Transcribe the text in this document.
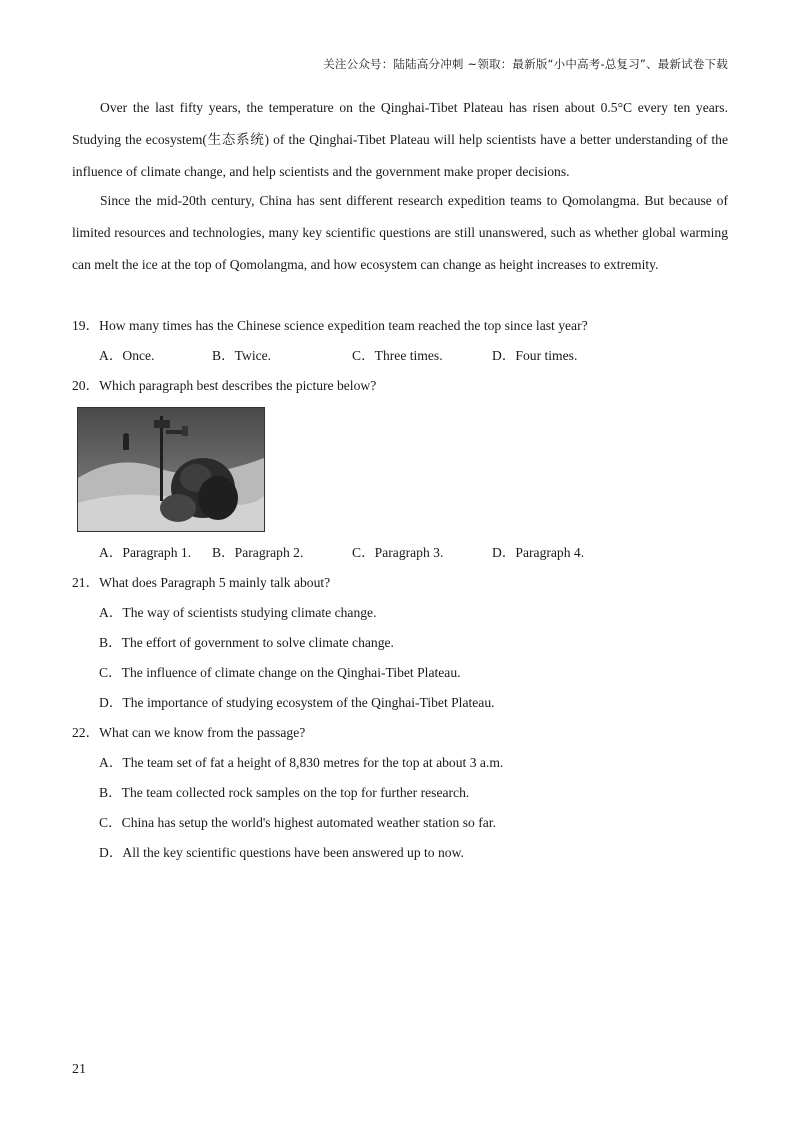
关注公众号：陆陆高分冲刺 ~领取：最新版“小中高考-总复习”、最新试卷下载

Over the last fifty years, the temperature on the Qinghai-Tibet Plateau has risen about 0.5°C every ten years. Studying the ecosystem(生态系统) of the Qinghai-Tibet Plateau will help scientists have a better understanding of the influence of climate change, and help scientists and the government make proper decisions.

Since the mid-20th century, China has sent different research expedition teams to Qomolangma. But because of limited resources and technologies, many key scientific questions are still unanswered, such as whether global warming can melt the ice at the top of Qomolangma, and how ecosystem can change as height increases to extremity.

19．How many times has the Chinese science expedition team reached the top since last year?
A．Once.	B．Twice.	C．Three times.	D．Four times.
20．Which paragraph best describes the picture below?
A．Paragraph 1. B．Paragraph 2.	C．Paragraph 3.	D．Paragraph 4.
21．What does Paragraph 5 mainly talk about?
A．The way of scientists studying climate change.
B．The effort of government to solve climate change.
C．The influence of climate change on the Qinghai-Tibet Plateau.
D．The importance of studying ecosystem of the Qinghai-Tibet Plateau.
22．What can we know from the passage?
A．The team set of fat a height of 8,830 metres for the top at about 3 a.m.
B．The team collected rock samples on the top for further research.
C．China has setup the world's highest automated weather station so far.
D．All the key scientific questions have been answered up to now.
21
